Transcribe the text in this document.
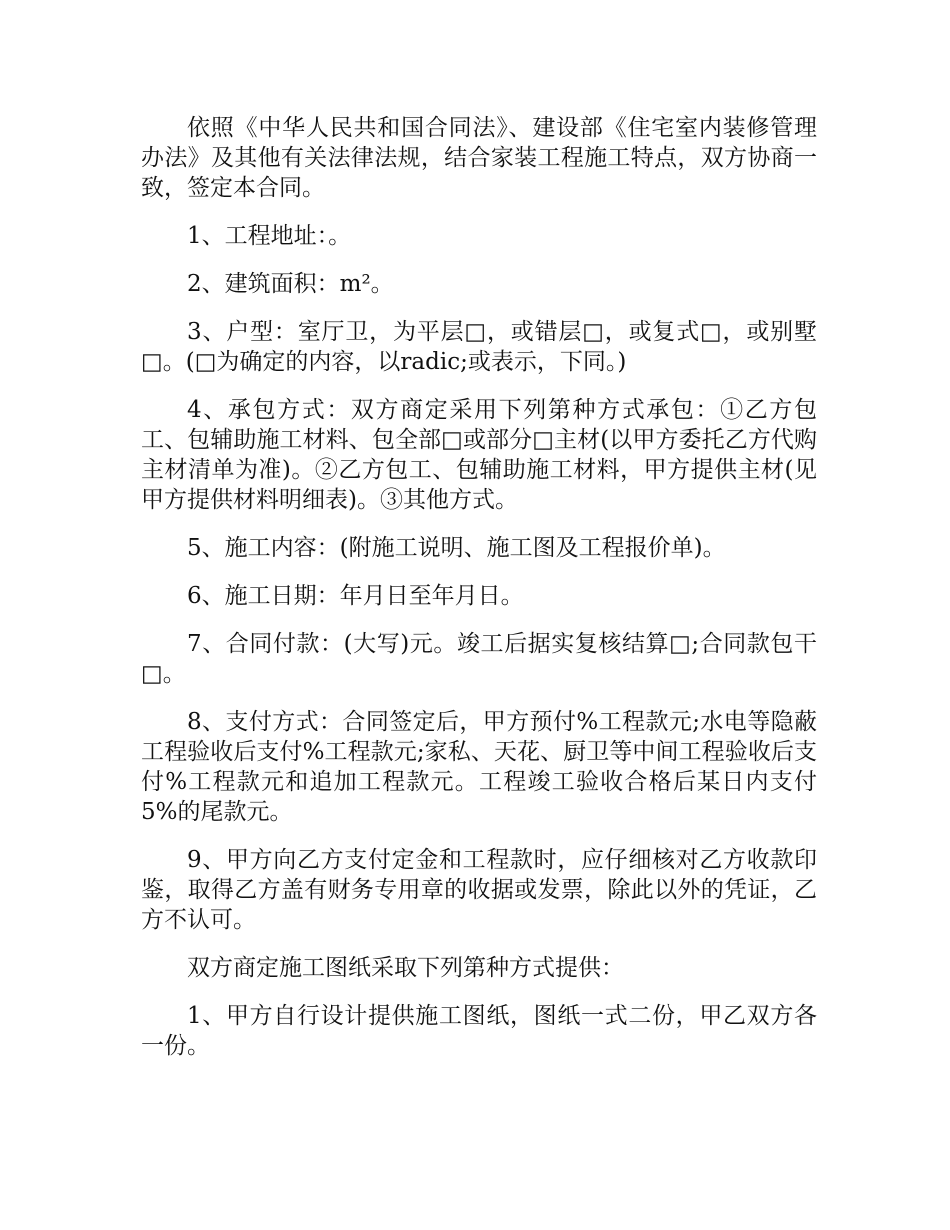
依照《中华人民共和国合同法》、建设部《住宅室内装修管理办法》及其他有关法律法规，结合家装工程施工特点，双方协商一致，签定本合同。

1、工程地址：。

2、建筑面积：m²。

3、户型：室厅卫，为平层□，或错层□，或复式□，或别墅□。(□为确定的内容，以radic;或表示，下同。)

4、承包方式：双方商定采用下列第种方式承包：①乙方包工、包辅助施工材料、包全部□或部分□主材(以甲方委托乙方代购主材清单为准)。②乙方包工、包辅助施工材料，甲方提供主材(见甲方提供材料明细表)。③其他方式。

5、施工内容：(附施工说明、施工图及工程报价单)。

6、施工日期：年月日至年月日。

7、合同付款：(大写)元。竣工后据实复核结算□;合同款包干□。

8、支付方式：合同签定后，甲方预付%工程款元;水电等隐蔽工程验收后支付%工程款元;家私、天花、厨卫等中间工程验收后支付%工程款元和追加工程款元。工程竣工验收合格后某日内支付5%的尾款元。

9、甲方向乙方支付定金和工程款时，应仔细核对乙方收款印鉴，取得乙方盖有财务专用章的收据或发票，除此以外的凭证，乙方不认可。

双方商定施工图纸采取下列第种方式提供：

1、甲方自行设计提供施工图纸，图纸一式二份，甲乙双方各一份。
